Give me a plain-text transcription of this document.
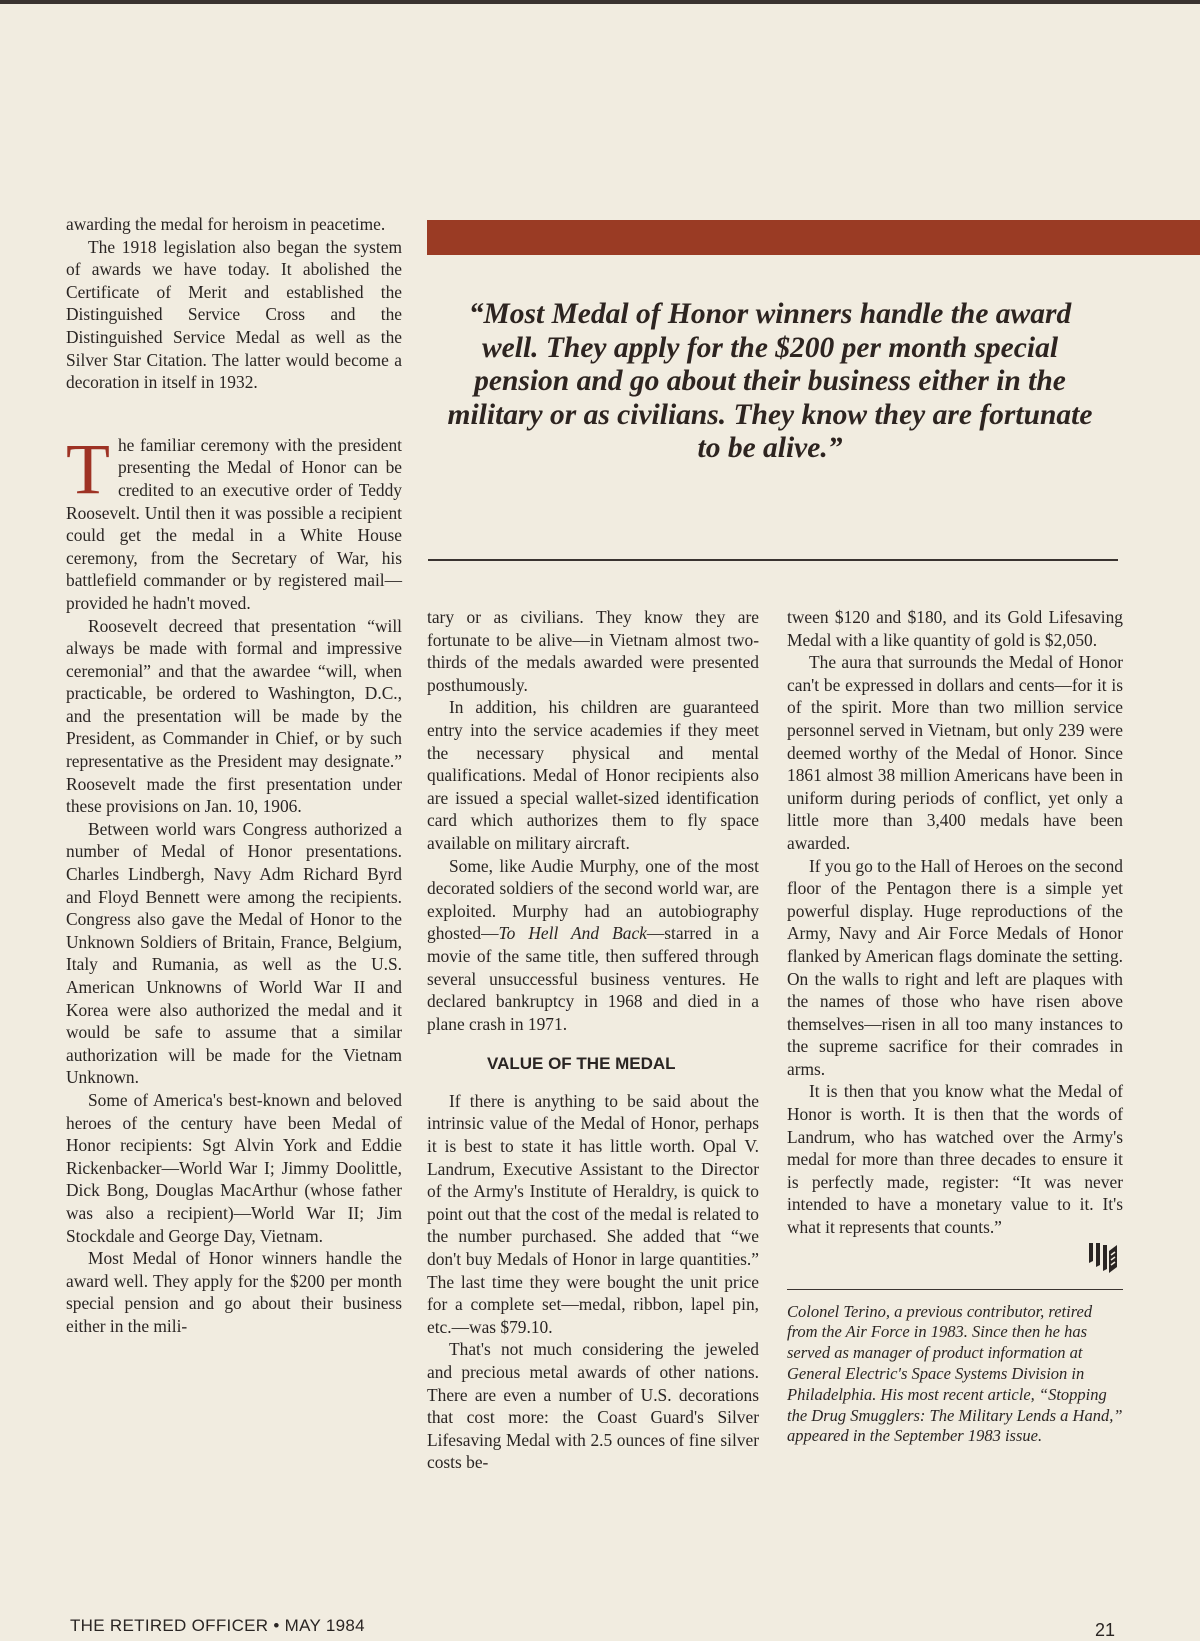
awarding the medal for heroism in peacetime.

The 1918 legislation also began the system of awards we have today. It abolished the Certificate of Merit and established the Distinguished Service Cross and the Distinguished Service Medal as well as the Silver Star Citation. The latter would become a decoration in itself in 1932.

The familiar ceremony with the president presenting the Medal of Honor can be credited to an executive order of Teddy Roosevelt. Until then it was possible a recipient could get the medal in a White House ceremony, from the Secretary of War, his battlefield commander or by registered mail—provided he hadn't moved.

Roosevelt decreed that presentation “will always be made with formal and impressive ceremonial” and that the awardee “will, when practicable, be ordered to Washington, D.C., and the presentation will be made by the President, as Commander in Chief, or by such representative as the President may designate.” Roosevelt made the first presentation under these provisions on Jan. 10, 1906.

Between world wars Congress authorized a number of Medal of Honor presentations. Charles Lindbergh, Navy Adm Richard Byrd and Floyd Bennett were among the recipients. Congress also gave the Medal of Honor to the Unknown Soldiers of Britain, France, Belgium, Italy and Rumania, as well as the U.S. American Unknowns of World War II and Korea were also authorized the medal and it would be safe to assume that a similar authorization will be made for the Vietnam Unknown.

Some of America's best-known and beloved heroes of the century have been Medal of Honor recipients: Sgt Alvin York and Eddie Rickenbacker—World War I; Jimmy Doolittle, Dick Bong, Douglas MacArthur (whose father was also a recipient)—World War II; Jim Stockdale and George Day, Vietnam.

Most Medal of Honor winners handle the award well. They apply for the $200 per month special pension and go about their business either in the mili-

“Most Medal of Honor winners handle the award well. They apply for the $200 per month special pension and go about their business either in the military or as civilians. They know they are fortunate to be alive.”

tary or as civilians. They know they are fortunate to be alive—in Vietnam almost two-thirds of the medals awarded were presented posthumously.

In addition, his children are guaranteed entry into the service academies if they meet the necessary physical and mental qualifications. Medal of Honor recipients also are issued a special wallet-sized identification card which authorizes them to fly space available on military aircraft.

Some, like Audie Murphy, one of the most decorated soldiers of the second world war, are exploited. Murphy had an autobiography ghosted—To Hell And Back—starred in a movie of the same title, then suffered through several unsuccessful business ventures. He declared bankruptcy in 1968 and died in a plane crash in 1971.

VALUE OF THE MEDAL

If there is anything to be said about the intrinsic value of the Medal of Honor, perhaps it is best to state it has little worth. Opal V. Landrum, Executive Assistant to the Director of the Army's Institute of Heraldry, is quick to point out that the cost of the medal is related to the number purchased. She added that “we don't buy Medals of Honor in large quantities.” The last time they were bought the unit price for a complete set—medal, ribbon, lapel pin, etc.—was $79.10.

That's not much considering the jeweled and precious metal awards of other nations. There are even a number of U.S. decorations that cost more: the Coast Guard's Silver Lifesaving Medal with 2.5 ounces of fine silver costs be-

tween $120 and $180, and its Gold Lifesaving Medal with a like quantity of gold is $2,050.

The aura that surrounds the Medal of Honor can't be expressed in dollars and cents—for it is of the spirit. More than two million service personnel served in Vietnam, but only 239 were deemed worthy of the Medal of Honor. Since 1861 almost 38 million Americans have been in uniform during periods of conflict, yet only a little more than 3,400 medals have been awarded.

If you go to the Hall of Heroes on the second floor of the Pentagon there is a simple yet powerful display. Huge reproductions of the Army, Navy and Air Force Medals of Honor flanked by American flags dominate the setting. On the walls to right and left are plaques with the names of those who have risen above themselves—risen in all too many instances to the supreme sacrifice for their comrades in arms.

It is then that you know what the Medal of Honor is worth. It is then that the words of Landrum, who has watched over the Army's medal for more than three decades to ensure it is perfectly made, register: “It was never intended to have a monetary value to it. It's what it represents that counts.”

Colonel Terino, a previous contributor, retired from the Air Force in 1983. Since then he has served as manager of product information at General Electric's Space Systems Division in Philadelphia. His most recent article, “Stopping the Drug Smugglers: The Military Lends a Hand,” appeared in the September 1983 issue.
THE RETIRED OFFICER • MAY 1984	21
